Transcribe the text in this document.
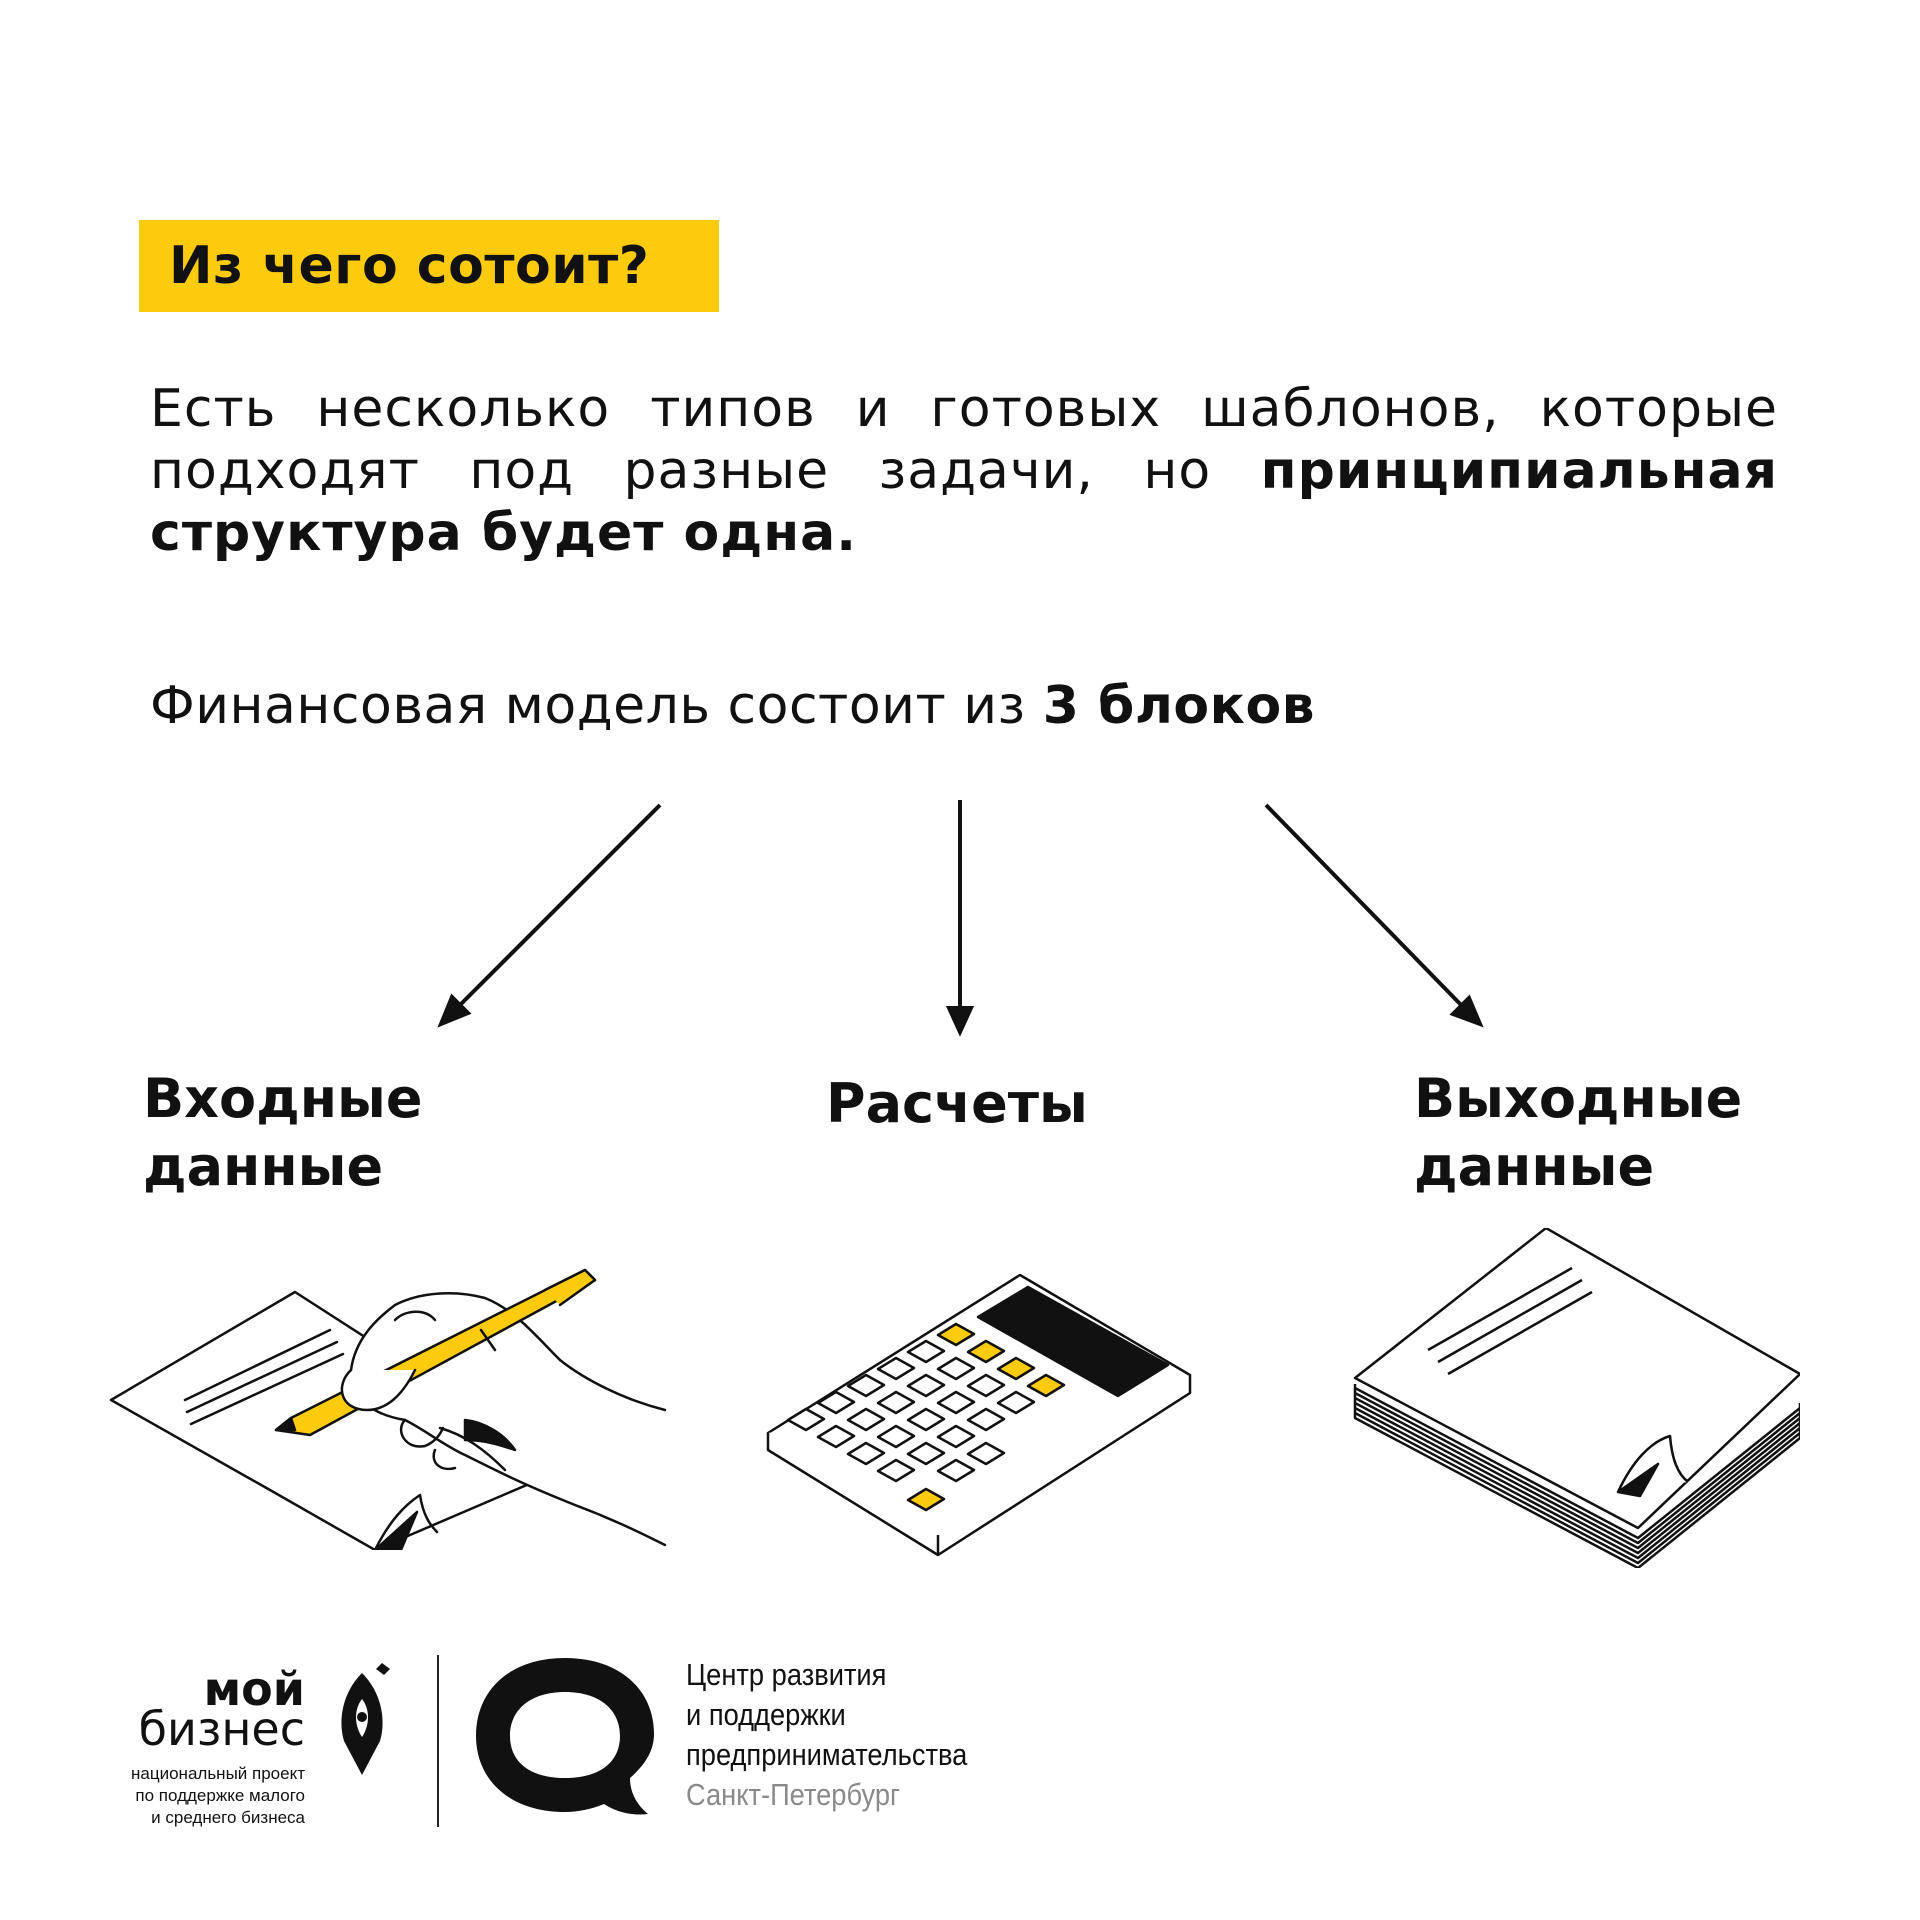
Из чего сотоит?
Есть несколько типов и готовых шаблонов, которые подходят под разные задачи, но принципиальная структура будет одна.
Финансовая модель состоит из 3 блоков
Входные данные
Расчеты	Выходные данные
мой
бизнес
национальный проект
по поддержке малого
и среднего бизнеса
Центр развития
и поддержки
предпринимательства
Санкт-Петербург
